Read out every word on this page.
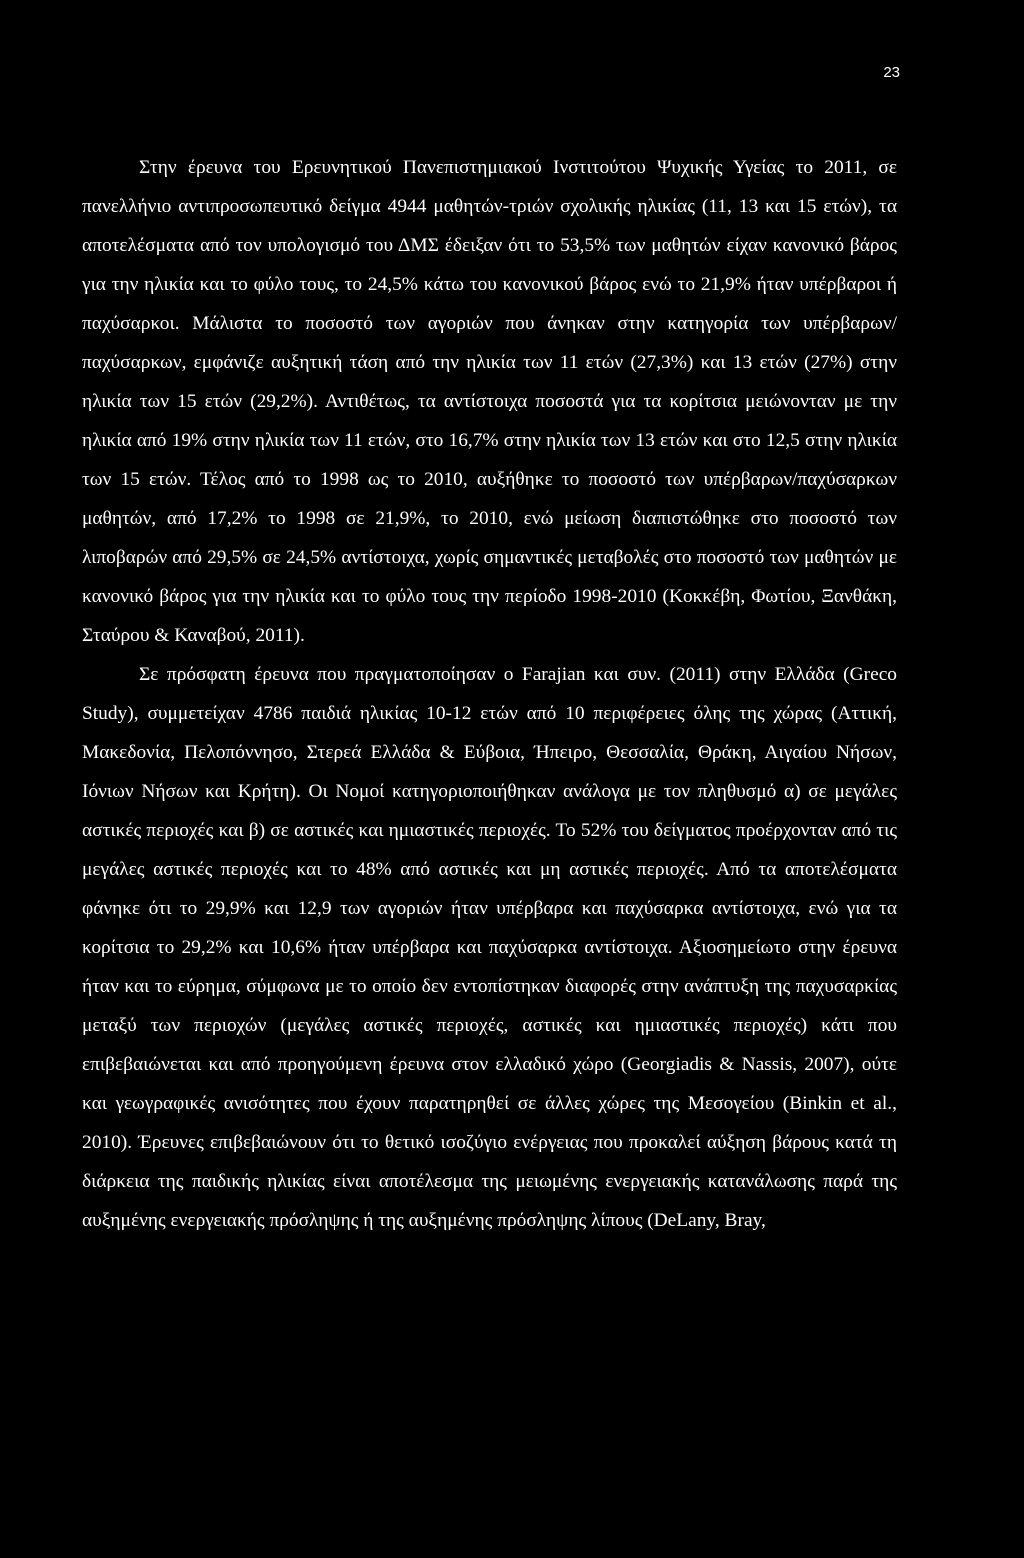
23

Στην έρευνα του Ερευνητικού Πανεπιστημιακού Ινστιτούτου Ψυχικής Υγείας το 2011, σε πανελλήνιο αντιπροσωπευτικό δείγμα 4944 μαθητών-τριών σχολικής ηλικίας (11, 13 και 15 ετών), τα αποτελέσματα από τον υπολογισμό του ΔΜΣ έδειξαν ότι το 53,5% των μαθητών είχαν κανονικό βάρος για την ηλικία και το φύλο τους, το 24,5% κάτω του κανονικού βάρος ενώ το 21,9% ήταν υπέρβαροι ή παχύσαρκοι. Μάλιστα το ποσοστό των αγοριών που άνηκαν στην κατηγορία των υπέρβαρων/παχύσαρκων, εμφάνιζε αυξητική τάση από την ηλικία των 11 ετών (27,3%) και 13 ετών (27%) στην ηλικία των 15 ετών (29,2%). Αντιθέτως, τα αντίστοιχα ποσοστά για τα κορίτσια μειώνονταν με την ηλικία από 19% στην ηλικία των 11 ετών, στο 16,7% στην ηλικία των 13 ετών και στο 12,5 στην ηλικία των 15 ετών. Τέλος από το 1998 ως το 2010, αυξήθηκε το ποσοστό των υπέρβαρων/παχύσαρκων μαθητών, από 17,2% το 1998 σε 21,9%, το 2010, ενώ μείωση διαπιστώθηκε στο ποσοστό των λιποβαρών από 29,5% σε 24,5% αντίστοιχα, χωρίς σημαντικές μεταβολές στο ποσοστό των μαθητών με κανονικό βάρος για την ηλικία και το φύλο τους την περίοδο 1998-2010 (Κοκκέβη, Φωτίου, Ξανθάκη, Σταύρου & Καναβού, 2011).

Σε πρόσφατη έρευνα που πραγματοποίησαν ο Farajian και συν. (2011) στην Ελλάδα (Greco Study), συμμετείχαν 4786 παιδιά ηλικίας 10-12 ετών από 10 περιφέρειες όλης της χώρας (Αττική, Μακεδονία, Πελοπόννησο, Στερεά Ελλάδα & Εύβοια, Ήπειρο, Θεσσαλία, Θράκη, Αιγαίου Νήσων, Ιόνιων Νήσων και Κρήτη). Οι Νομοί κατηγοριοποιήθηκαν ανάλογα με τον πληθυσμό α) σε μεγάλες αστικές περιοχές και β) σε αστικές και ημιαστικές περιοχές. Το 52% του δείγματος προέρχονταν από τις μεγάλες αστικές περιοχές και το 48% από αστικές και μη αστικές περιοχές. Από τα αποτελέσματα φάνηκε ότι το 29,9% και 12,9 των αγοριών ήταν υπέρβαρα και παχύσαρκα αντίστοιχα, ενώ για τα κορίτσια το 29,2% και 10,6% ήταν υπέρβαρα και παχύσαρκα αντίστοιχα. Αξιοσημείωτο στην έρευνα ήταν και το εύρημα, σύμφωνα με το οποίο δεν εντοπίστηκαν διαφορές στην ανάπτυξη της παχυσαρκίας μεταξύ των περιοχών (μεγάλες αστικές περιοχές, αστικές και ημιαστικές περιοχές) κάτι που επιβεβαιώνεται και από προηγούμενη έρευνα στον ελλαδικό χώρο (Georgiadis & Nassis, 2007), ούτε και γεωγραφικές ανισότητες που έχουν παρατηρηθεί σε άλλες χώρες της Μεσογείου (Binkin et al., 2010). Έρευνες επιβεβαιώνουν ότι το θετικό ισοζύγιο ενέργειας που προκαλεί αύξηση βάρους κατά τη διάρκεια της παιδικής ηλικίας είναι αποτέλεσμα της μειωμένης ενεργειακής κατανάλωσης παρά της αυξημένης ενεργειακής πρόσληψης ή της αυξημένης πρόσληψης λίπους (DeLany, Bray,
